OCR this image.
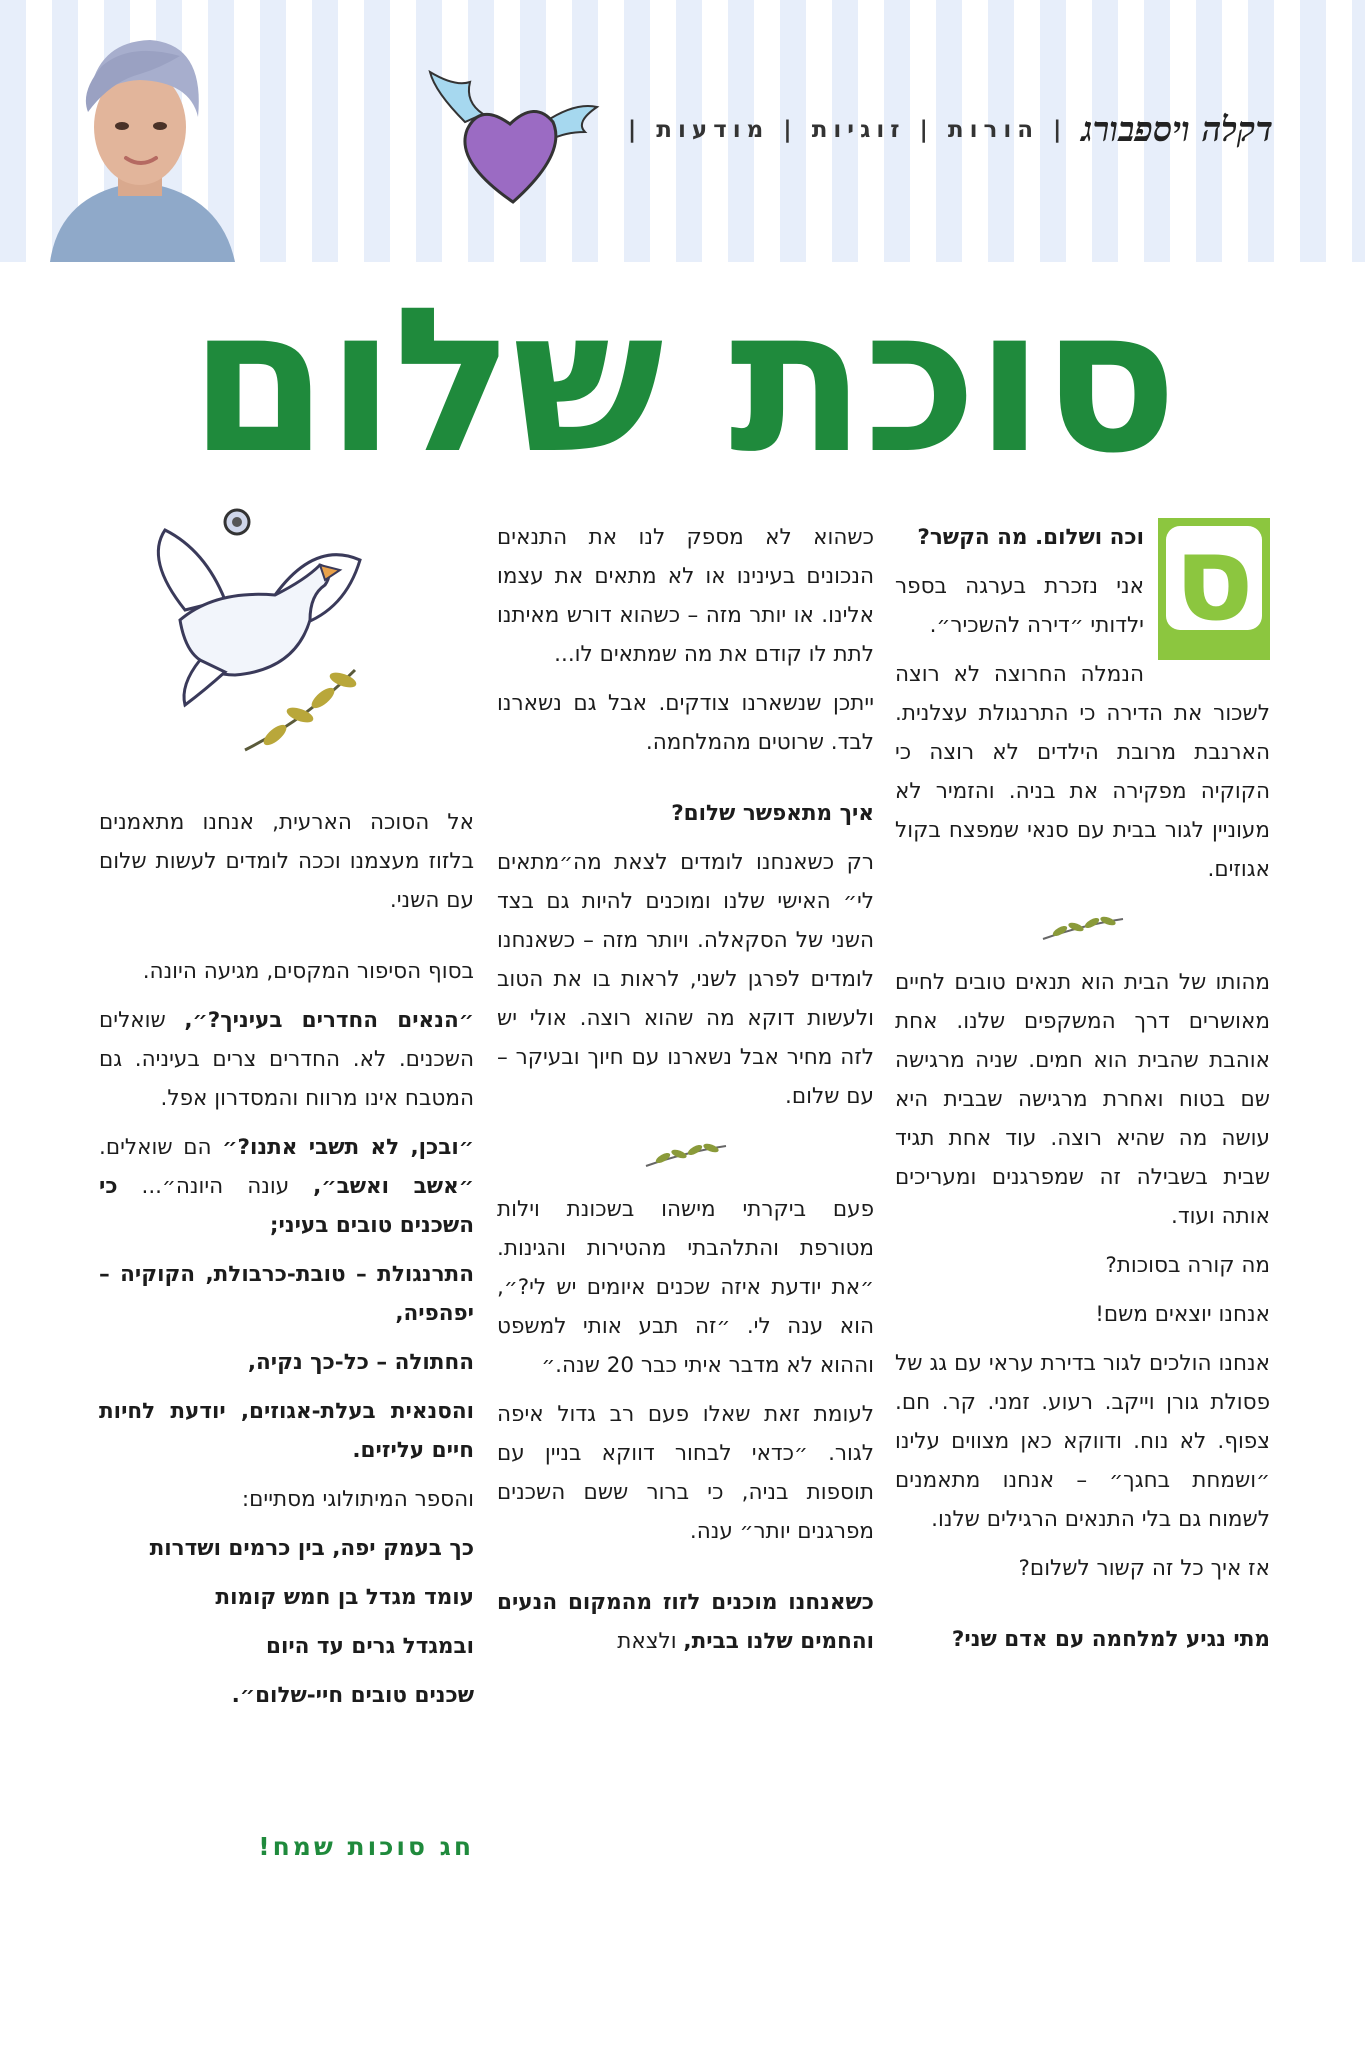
דקלה ויספבורג
|
הורות
|
זוגיות
|
מודעות
|
סוכת שלום
ס

וכה ושלום. מה הקשר?

אני נזכרת בערגה בספר ילדותי ״דירה להשכיר״.

הנמלה החרוצה לא רוצה לשכור את הדירה כי התרנגולת עצלנית. הארנבת מרובת הילדים לא רוצה כי הקוקיה מפקירה את בניה. והזמיר לא מעוניין לגור בבית עם סנאי שמפצח בקול אגוזים.

מהותו של הבית הוא תנאים טובים לחיים מאושרים דרך המשקפים שלנו. אחת אוהבת שהבית הוא חמים. שניה מרגישה שם בטוח ואחרת מרגישה שבבית היא עושה מה שהיא רוצה. עוד אחת תגיד שבית בשבילה זה שמפרגנים ומעריכים אותה ועוד.

מה קורה בסוכות?

אנחנו יוצאים משם!

אנחנו הולכים לגור בדירת עראי עם גג של פסולת גורן וייקב. רעוע. זמני. קר. חם. צפוף. לא נוח. ודווקא כאן מצווים עלינו ״ושמחת בחגך״ – אנחנו מתאמנים לשמוח גם בלי התנאים הרגילים שלנו.

אז איך כל זה קשור לשלום?

מתי נגיע למלחמה עם אדם שני?

כשהוא לא מספק לנו את התנאים הנכונים בעינינו או לא מתאים את עצמו אלינו. או יותר מזה – כשהוא דורש מאיתנו לתת לו קודם את מה שמתאים לו...

ייתכן שנשארנו צודקים. אבל גם נשארנו לבד. שרוטים מהמלחמה.

איך מתאפשר שלום?

רק כשאנחנו לומדים לצאת מה״מתאים לי״ האישי שלנו ומוכנים להיות גם בצד השני של הסקאלה. ויותר מזה – כשאנחנו לומדים לפרגן לשני, לראות בו את הטוב ולעשות דוקא מה שהוא רוצה. אולי יש לזה מחיר אבל נשארנו עם חיוך ובעיקר – עם שלום.

פעם ביקרתי מישהו בשכונת וילות מטורפת והתלהבתי מהטירות והגינות. ״את יודעת איזה שכנים איומים יש לי?״, הוא ענה לי. ״זה תבע אותי למשפט וההוא לא מדבר איתי כבר 20 שנה.״

לעומת זאת שאלו פעם רב גדול איפה לגור. ״כדאי לבחור דווקא בניין עם תוספות בניה, כי ברור ששם השכנים מפרגנים יותר״ ענה.

כשאנחנו מוכנים לזוז מהמקום הנעים והחמים שלנו בבית, ולצאת

אל הסוכה הארעית, אנחנו מתאמנים בלזוז מעצמנו וככה לומדים לעשות שלום עם השני.

בסוף הסיפור המקסים, מגיעה היונה.

״הנאים החדרים בעיניך?״, שואלים השכנים. לא. החדרים צרים בעיניה. גם המטבח אינו מרווח והמסדרון אפל.

״ובכן, לא תשבי אתנו?״ הם שואלים. ״אשב ואשב״, עונה היונה״... כי השכנים טובים בעיני;

התרנגולת – טובת-כרבולת, הקוקיה – יפהפיה,

החתולה – כל-כך נקיה,

והסנאית בעלת-אגוזים, יודעת לחיות חיים עליזים.

והספר המיתולוגי מסתיים:

כך בעמק יפה, בין כרמים ושדרות

עומד מגדל בן חמש קומות

ובמגדל גרים עד היום

שכנים טובים חיי-שלום״.

חג סוכות שמח!
